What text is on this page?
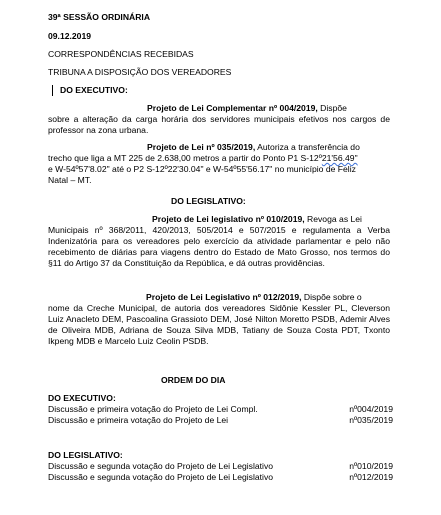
39ª SESSÃO ORDINÁRIA
09.12.2019
CORRESPONDÊNCIAS RECEBIDAS
TRIBUNA A DISPOSIÇÃO DOS VEREADORES
DO EXECUTIVO:
Projeto de Lei Complementar nº 004/2019, Dispõe
sobre a alteração da carga horária dos servidores municipais efetivos nos cargos de professor na zona urbana.
Projeto de Lei nº 035/2019, Autoriza a transferência do
trecho que liga a MT 225 de 2.638,00 metros a partir do Ponto P1 S-12º21'56.49"
e W-54º57'8.02" até o P2 S-12º22'30.04" e W-54º55'56.17" no município de Feliz
Natal – MT.
DO LEGISLATIVO:
Projeto de Lei legislativo nº 010/2019, Revoga as Lei
Municipais nº 368/2011, 420/2013, 505/2014 e 507/2015 e regulamenta a Verba Indenizatória para os vereadores pelo exercício da atividade parlamentar e pelo não recebimento de diárias para viagens dentro do Estado de Mato Grosso, nos termos do §11 do Artigo 37 da Constituição da República, e dá outras providências.
Projeto de Lei Legislativo nº 012/2019, Dispõe sobre o
nome da Creche Municipal, de autoria dos vereadores Sidônie Kessler PL, Cleverson Luiz Anacleto DEM, Pascoalina Grassioto DEM, José Nilton Moretto PSDB, Ademir Alves de Oliveira MDB, Adriana de Souza Silva MDB, Tatiany de Souza Costa PDT, Txonto Ikpeng MDB e Marcelo Luiz Ceolin PSDB.
ORDEM DO DIA
DO EXECUTIVO:
Discussão e primeira votação do Projeto de Lei Compl.	nº004/2019
Discussão e primeira votação do Projeto de Lei	nº035/2019
DO LEGISLATIVO:
Discussão e segunda votação do Projeto de Lei Legislativo	nº010/2019
Discussão e segunda votação do Projeto de Lei Legislativo	nº012/2019
